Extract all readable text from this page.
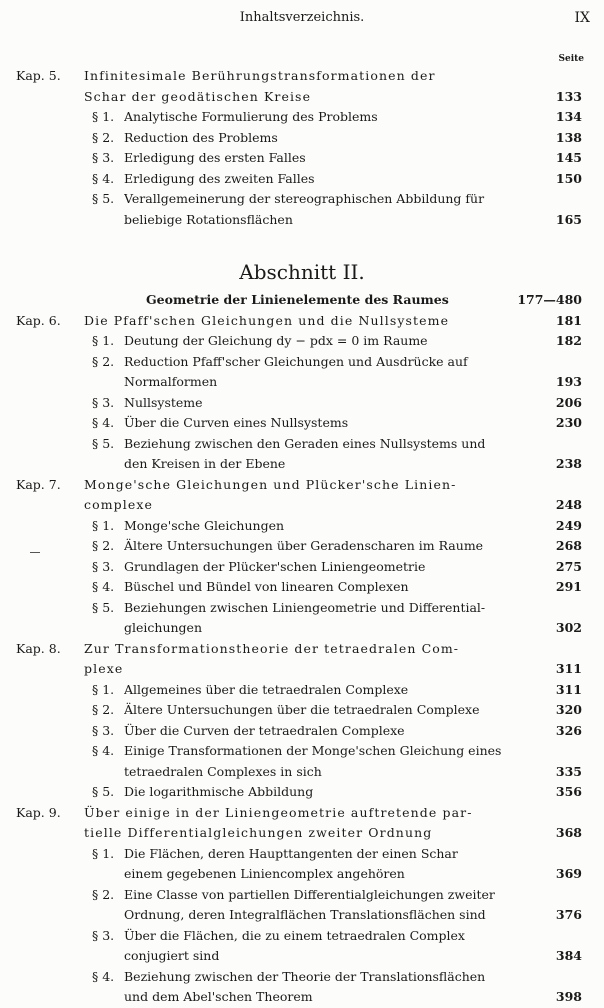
Inhaltsverzeichnis.	IX
Seite
Kap. 5. Infinitesimale Berührungstransformationen der
Schar der geodätischen Kreise	133
§ 1. Analytische Formulierung des Problems	134
§ 2. Reduction des Problems	138
§ 3. Erledigung des ersten Falles	145
§ 4. Erledigung des zweiten Falles	150
§ 5. Verallgemeinerung der stereographischen Abbildung für
beliebige Rotationsflächen	165
Abschnitt II.
Geometrie der Linienelemente des Raumes	177—480
Kap. 6. Die Pfaff'schen Gleichungen und die Nullsysteme	181
§ 1. Deutung der Gleichung dy − pdx = 0 im Raume	182
§ 2. Reduction Pfaff'scher Gleichungen und Ausdrücke auf
Normalformen	193
§ 3. Nullsysteme	206
§ 4. Über die Curven eines Nullsystems	230
§ 5. Beziehung zwischen den Geraden eines Nullsystems und
den Kreisen in der Ebene	238
Kap. 7. Monge'sche Gleichungen und Plücker'sche Linien-
complexe	248
§ 1. Monge'sche Gleichungen	249
§ 2. Ältere Untersuchungen über Geradenscharen im Raume	268
§ 3. Grundlagen der Plücker'schen Liniengeometrie	275
§ 4. Büschel und Bündel von linearen Complexen	291
§ 5. Beziehungen zwischen Liniengeometrie und Differential-
gleichungen	302
Kap. 8. Zur Transformationstheorie der tetraedralen Com-
plexe	311
§ 1. Allgemeines über die tetraedralen Complexe	311
§ 2. Ältere Untersuchungen über die tetraedralen Complexe	320
§ 3. Über die Curven der tetraedralen Complexe	326
§ 4. Einige Transformationen der Monge'schen Gleichung eines
tetraedralen Complexes in sich	335
§ 5. Die logarithmische Abbildung	356
Kap. 9. Über einige in der Liniengeometrie auftretende par-
tielle Differentialgleichungen zweiter Ordnung	368
§ 1. Die Flächen, deren Haupttangenten der einen Schar
einem gegebenen Liniencomplex angehören	369
§ 2. Eine Classe von partiellen Differentialgleichungen zweiter
Ordnung, deren Integralflächen Translationsflächen sind	376
§ 3. Über die Flächen, die zu einem tetraedralen Complex
conjugiert sind	384
§ 4. Beziehung zwischen der Theorie der Translationsflächen
und dem Abel'schen Theorem	398
